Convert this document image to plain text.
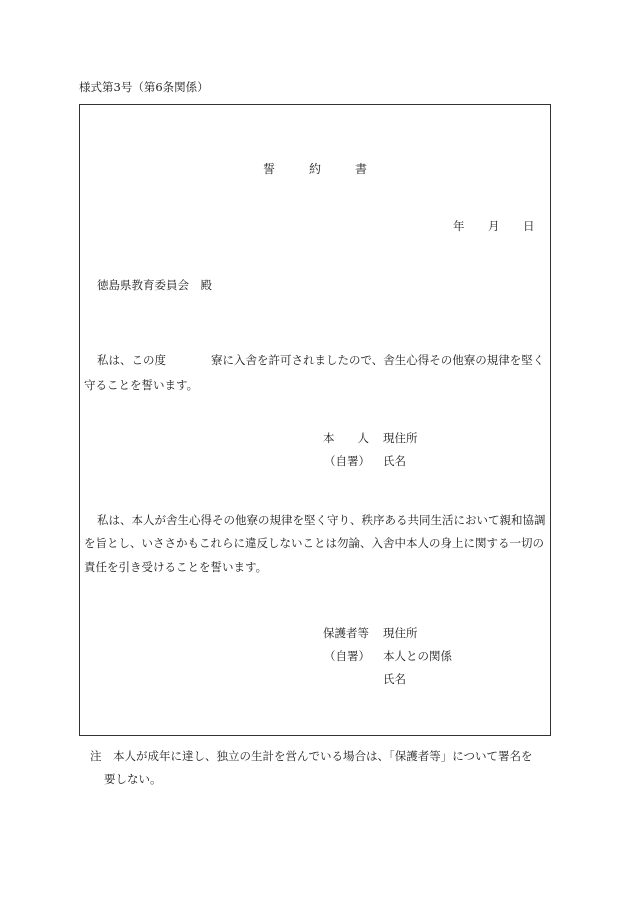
様式第3号（第6条関係）
誓	約	書
年 月 日
徳島県教育委員会　殿
私は、この度	寮に入舎を許可されましたので、舎生心得その他寮の規律を堅く
守ることを誓います。
本　　人 現住所
（自署） 氏名
私は、本人が舎生心得その他寮の規律を堅く守り、秩序ある共同生活において親和協調
を旨とし、いささかもこれらに違反しないことは勿論、入舎中本人の身上に関する一切の
責任を引き受けることを誓います。
保護者等 現住所
（自署） 本人との関係
氏名
注　本人が成年に達し、独立の生計を営んでいる場合は、「保護者等」について署名を
要しない。
